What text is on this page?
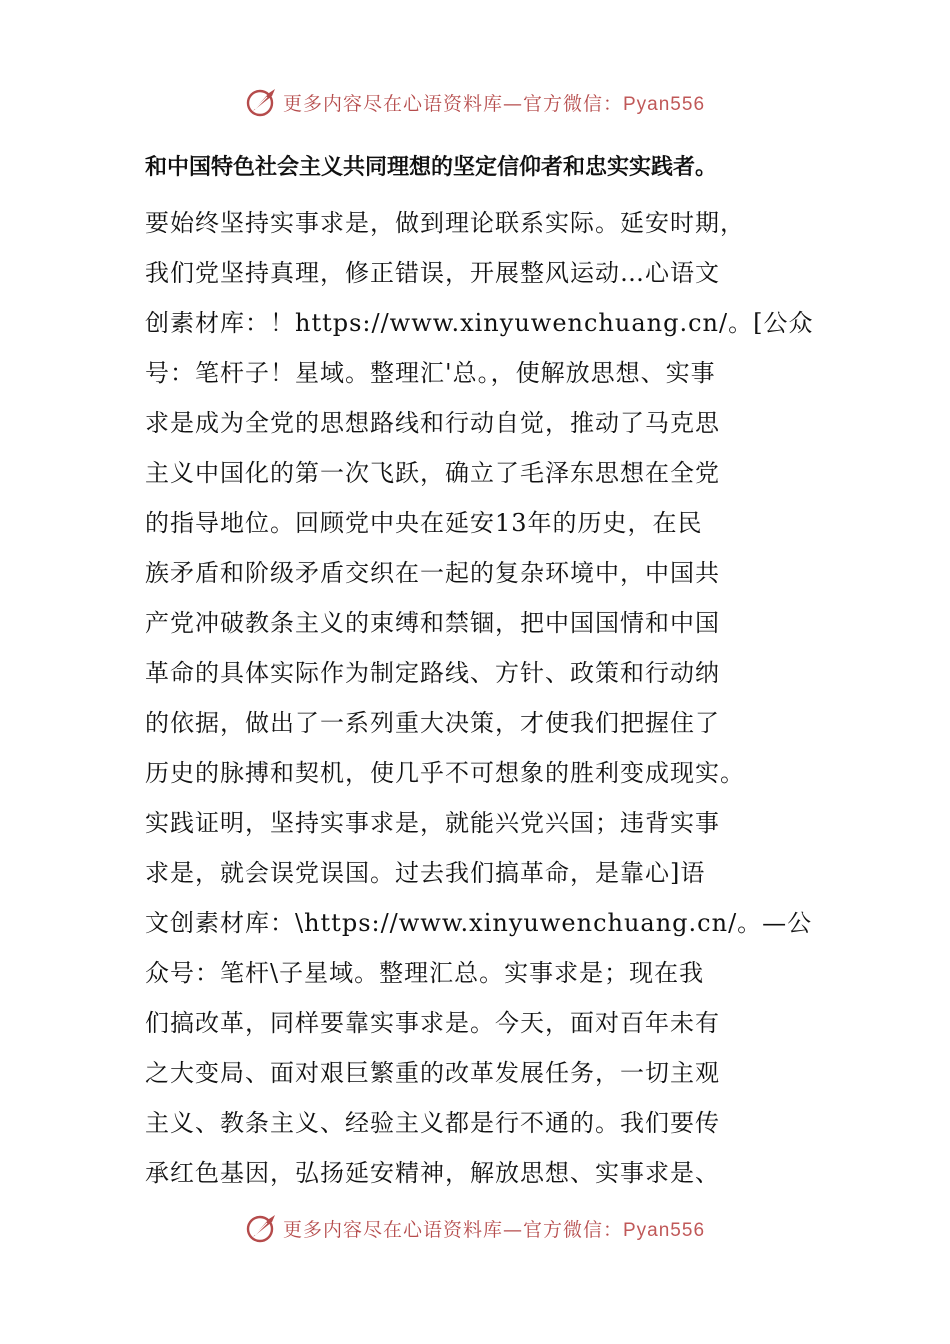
更多内容尽在心语资料库—官方微信：Pyan556
和中国特色社会主义共同理想的坚定信仰者和忠实实践者。
要始终坚持实事求是，做到理论联系实际。延安时期，
我们党坚持真理，修正错误，开展整风运动…心语文
创素材库：！https://www.xinyuwenchuang.cn/。[公众
号：笔杆子！星域。整理汇'总。，使解放思想、实事
求是成为全党的思想路线和行动自觉，推动了马克思
主义中国化的第一次飞跃，确立了毛泽东思想在全党
的指导地位。回顾党中央在延安13年的历史，在民
族矛盾和阶级矛盾交织在一起的复杂环境中，中国共
产党冲破教条主义的束缚和禁锢，把中国国情和中国
革命的具体实际作为制定路线、方针、政策和行动纳
的依据，做出了一系列重大决策，才使我们把握住了
历史的脉搏和契机，使几乎不可想象的胜利变成现实。
实践证明，坚持实事求是，就能兴党兴国；违背实事
求是，就会误党误国。过去我们搞革命，是靠心]语
文创素材库：\https://www.xinyuwenchuang.cn/。—公
众号：笔杆\子星域。整理汇总。实事求是；现在我
们搞改革，同样要靠实事求是。今天，面对百年未有
之大变局、面对艰巨繁重的改革发展任务，一切主观
主义、教条主义、经验主义都是行不通的。我们要传
承红色基因，弘扬延安精神，解放思想、实事求是、
更多内容尽在心语资料库—官方微信：Pyan556
